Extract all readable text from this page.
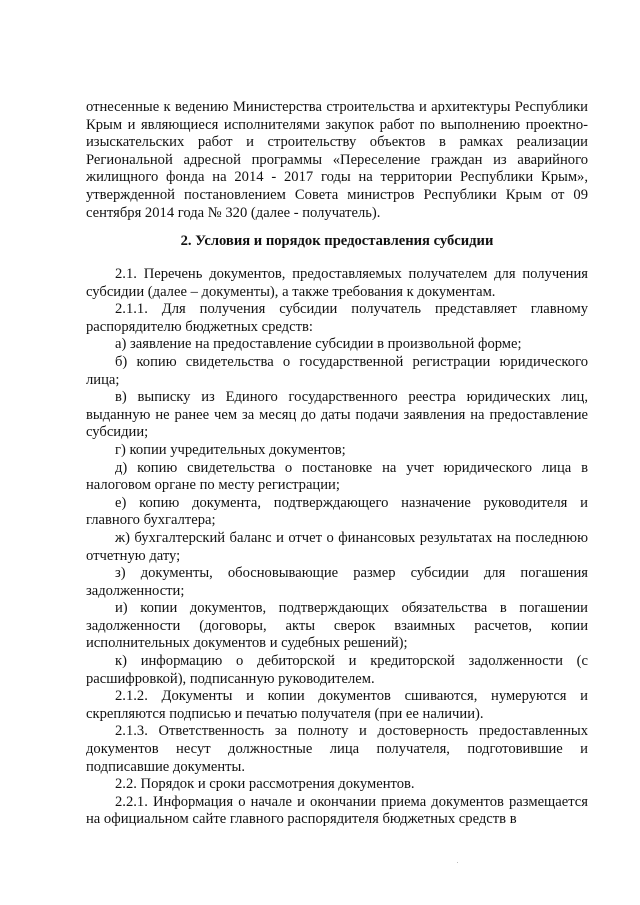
отнесенные к ведению Министерства строительства и архитектуры Республики Крым и являющиеся исполнителями закупок работ по выполнению проектно- изыскательских работ и строительству объектов в рамках реализации Региональной адресной программы «Переселение граждан из аварийного жилищного фонда на 2014 - 2017 годы на территории Республики Крым», утвержденной постановлением Совета министров Республики Крым от 09 сентября 2014 года № 320 (далее - получатель).

2. Условия и порядок предоставления субсидии

2.1. Перечень документов, предоставляемых получателем для получения субсидии (далее – документы), а также требования к документам.

2.1.1. Для получения субсидии получатель представляет главному распорядителю бюджетных средств:

а) заявление на предоставление субсидии в произвольной форме;

б) копию свидетельства о государственной регистрации юридического лица;

в) выписку из Единого государственного реестра юридических лиц, выданную не ранее чем за месяц до даты подачи заявления на предоставление субсидии;

г) копии учредительных документов;

д) копию свидетельства о постановке на учет юридического лица в налоговом органе по месту регистрации;

е) копию документа, подтверждающего назначение руководителя и главного бухгалтера;

ж) бухгалтерский баланс и отчет о финансовых результатах на последнюю отчетную дату;

з) документы, обосновывающие размер субсидии для погашения задолженности;

и) копии документов, подтверждающих обязательства в погашении задолженности (договоры, акты сверок взаимных расчетов, копии исполнительных документов и судебных решений);

к) информацию о дебиторской и кредиторской задолженности (с расшифровкой), подписанную руководителем.

2.1.2. Документы и копии документов сшиваются, нумеруются и скрепляются подписью и печатью получателя (при ее наличии).

2.1.3. Ответственность за полноту и достоверность предоставленных документов несут должностные лица получателя, подготовившие и подписавшие документы.

2.2. Порядок и сроки рассмотрения документов.

2.2.1. Информация о начале и окончании приема документов размещается на официальном сайте главного распорядителя бюджетных средств в
